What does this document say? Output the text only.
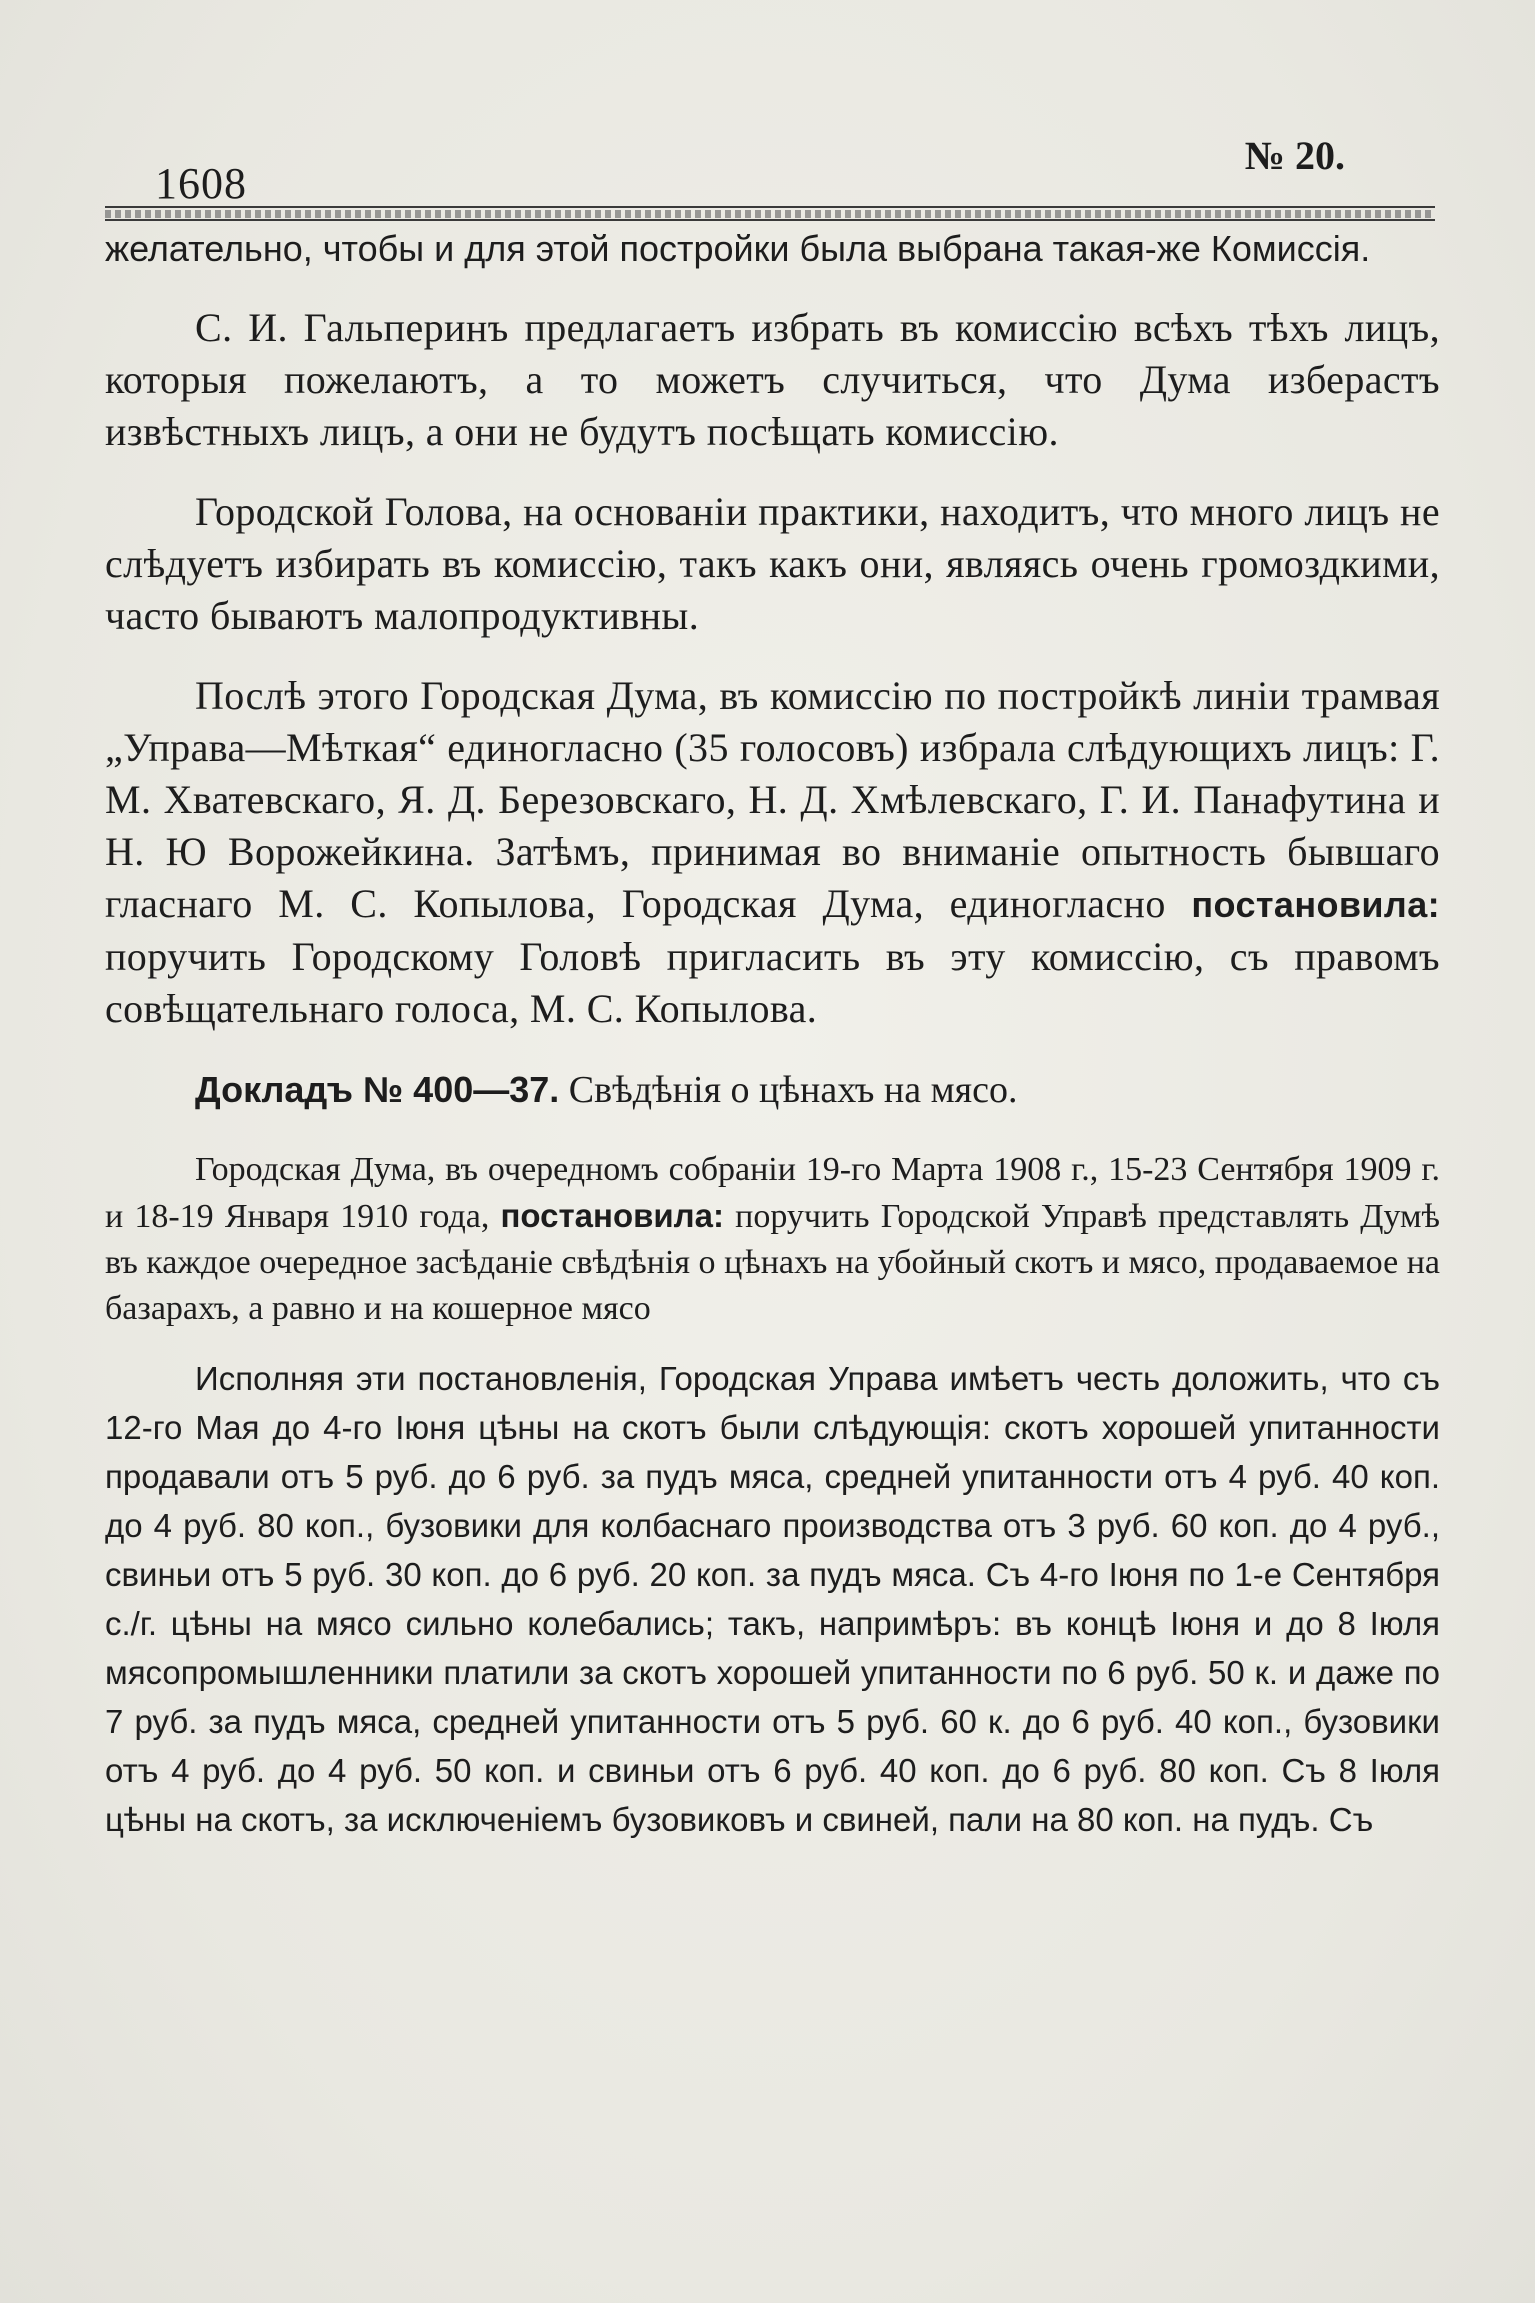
1608
№ 20.

желательно, чтобы и для этой постройки была выбрана такая-же Комиссія.

С. И. Гальперинъ предлагаетъ избрать въ комиссію всѣхъ тѣхъ лицъ, которыя пожелаютъ, а то можетъ случиться, что Дума изберастъ извѣстныхъ лицъ, а они не будутъ посѣщать комиссію.

Городской Голова, на основаніи практики, находитъ, что много лицъ не слѣдуетъ избирать въ комиссію, такъ какъ они, являясь очень громоздкими, часто бываютъ малопродуктивны.

Послѣ этого Городская Дума, въ комиссію по постройкѣ линіи трамвая „Управа—Мѣткая“ единогласно (35 голосовъ) избрала слѣдующихъ лицъ: Г. М. Хватевскаго, Я. Д. Березовскаго, Н. Д. Хмѣлевскаго, Г. И. Панафутина и Н. Ю Ворожейкина. Затѣмъ, принимая во вниманіе опытность бывшаго гласнаго М. С. Копылова, Городская Дума, единогласно постановила: поручить Городскому Головѣ пригласить въ эту комиссію, съ правомъ совѣщательнаго голоса, М. С. Копылова.

Докладъ № 400—37. Свѣдѣнія о цѣнахъ на мясо.

Городская Дума, въ очередномъ собраніи 19-го Марта 1908 г., 15-23 Сентября 1909 г. и 18-19 Января 1910 года, постановила: поручить Городской Управѣ представлять Думѣ въ каждое очередное засѣданіе свѣдѣнія о цѣнахъ на убойный скотъ и мясо, продаваемое на базарахъ, а равно и на кошерное мясо

Исполняя эти постановленія, Городская Управа имѣетъ честь доложить, что съ 12-го Мая до 4-го Іюня цѣны на скотъ были слѣдующія: скотъ хорошей упитанности продавали отъ 5 руб. до 6 руб. за пудъ мяса, средней упитанности отъ 4 руб. 40 коп. до 4 руб. 80 коп., бузовики для колбаснаго производства отъ 3 руб. 60 коп. до 4 руб., свиньи отъ 5 руб. 30 коп. до 6 руб. 20 коп. за пудъ мяса. Съ 4-го Іюня по 1-е Сентября с./г. цѣны на мясо сильно колебались; такъ, напримѣръ: въ концѣ Іюня и до 8 Іюля мясопромышленники платили за скотъ хорошей упитанности по 6 руб. 50 к. и даже по 7 руб. за пудъ мяса, средней упитанности отъ 5 руб. 60 к. до 6 руб. 40 коп., бузовики отъ 4 руб. до 4 руб. 50 коп. и свиньи отъ 6 руб. 40 коп. до 6 руб. 80 коп. Съ 8 Іюля цѣны на скотъ, за исключеніемъ бузовиковъ и свиней, пали на 80 коп. на пудъ. Съ
